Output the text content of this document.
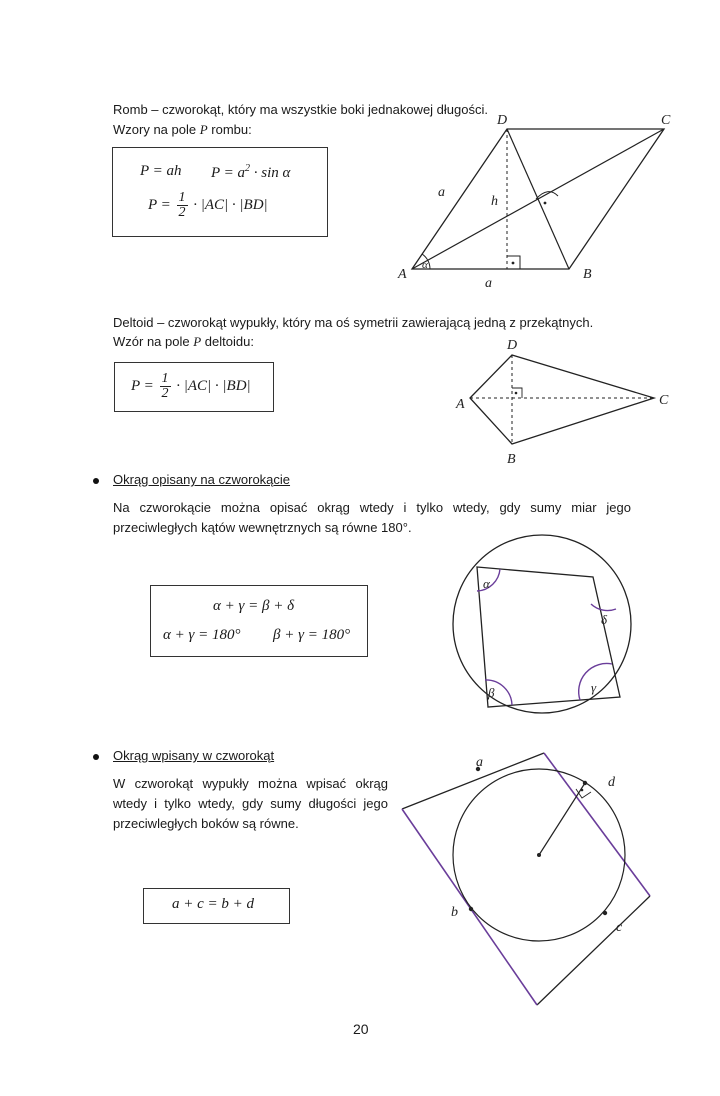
Romb – czworokąt, który ma wszystkie boki jednakowej długości.
Wzory na pole P rombu:
P = ah $P = a^2 \cdot \sin \alpha$
$P = \frac{1}{2} \cdot |AC| \cdot |BD|$
A	B
C
D
a
a
h
α
Deltoid – czworokąt wypukły, który ma oś symetrii zawierającą jedną z przekątnych.
Wzór na pole P deltoidu:
$P = \frac{1}{2} \cdot |AC| \cdot |BD|$
A
B
C
D
Okrąg opisany na czworokącie
Na czworokącie można opisać okrąg wtedy i tylko wtedy, gdy sumy miar jego przeciwległych kątów wewnętrznych są równe 180°.
α + γ = β + δ
α + γ = 180° β + γ = 180°
α
δ
γ
β
Okrąg wpisany w czworokąt
W czworokąt wypukły można wpisać okrąg wtedy i tylko wtedy, gdy sumy długości jego przeciwległych boków są równe.
a + c = b + d
a
d
b
c
20
